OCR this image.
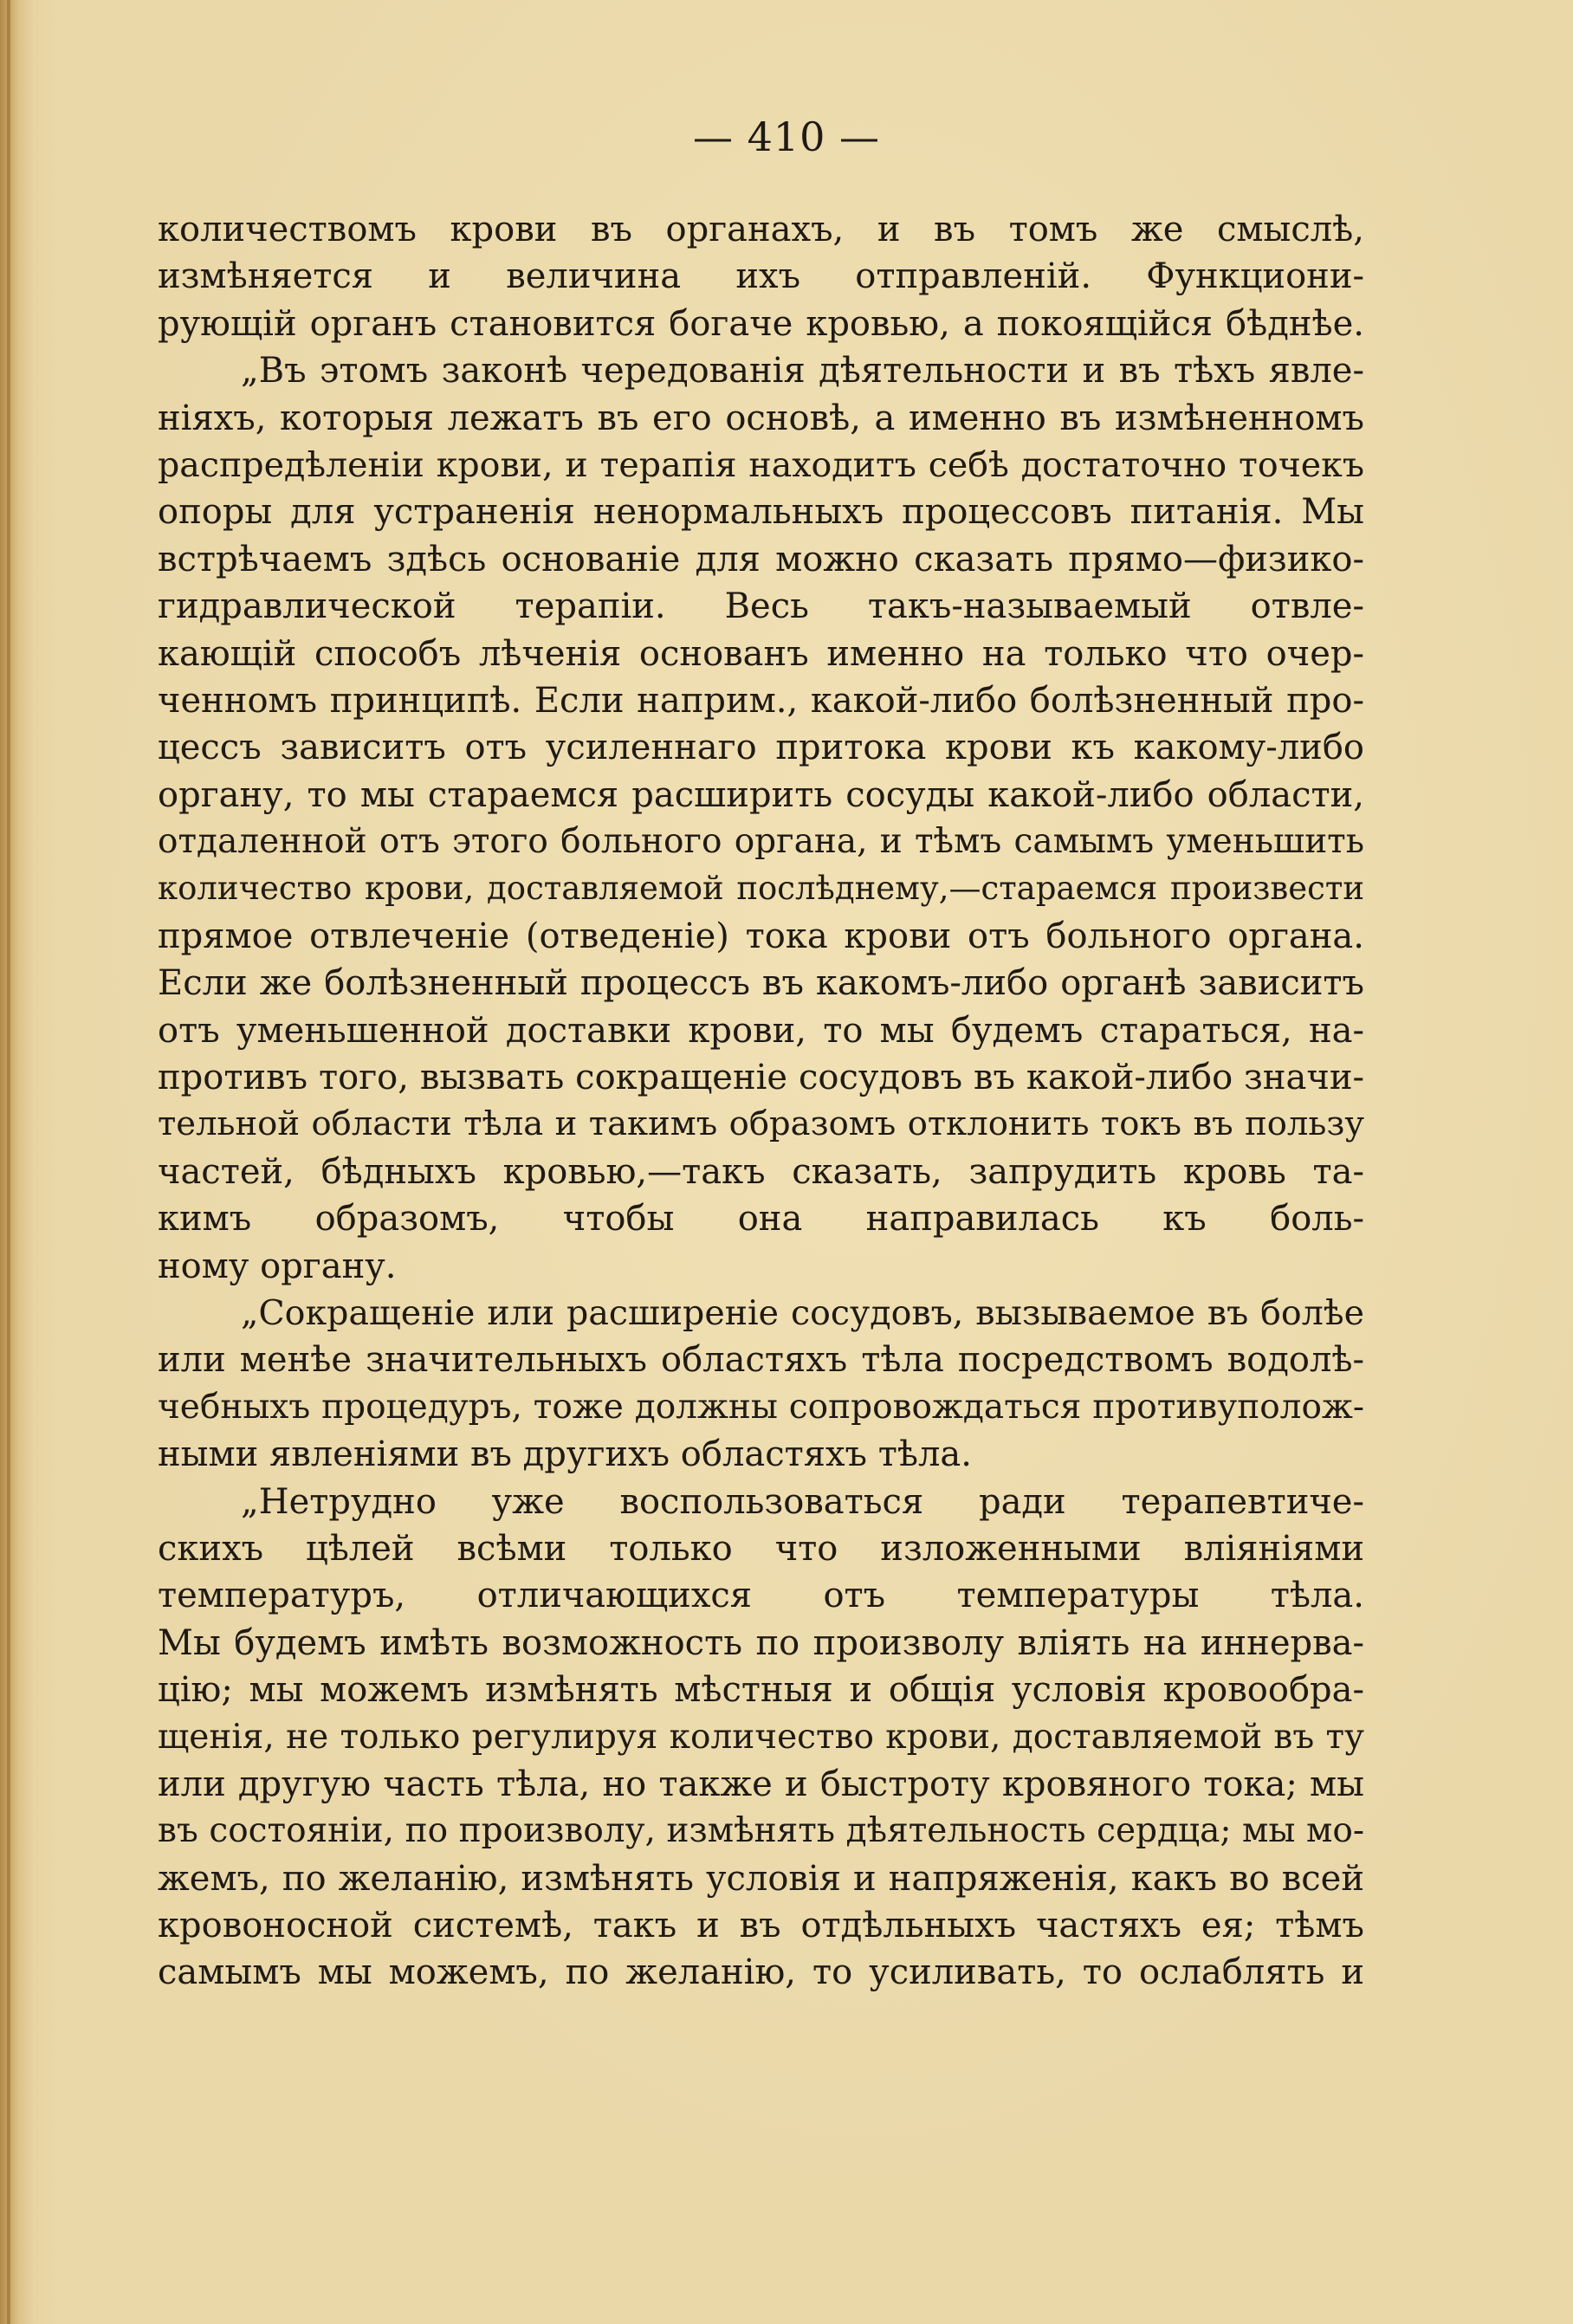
— 410 —
количествомъ крови въ органахъ, и въ томъ же смыслѣ,
измѣняется и величина ихъ отправленій. Функциони-
рующій органъ становится богаче кровью, а покоящійся бѣднѣе.
„Въ этомъ законѣ чередованія дѣятельности и въ тѣхъ явле-
ніяхъ, которыя лежатъ въ его основѣ, а именно въ измѣненномъ
распредѣленіи крови, и терапія находитъ себѣ достаточно точекъ
опоры для устраненія ненормальныхъ процессовъ питанія. Мы
встрѣчаемъ здѣсь основаніе для можно сказать прямо—физико-
гидравлической терапіи. Весь такъ-называемый отвле-
кающій способъ лѣченія основанъ именно на только что очер-
ченномъ принципѣ. Если наприм., какой-либо болѣзненный про-
цессъ зависитъ отъ усиленнаго притока крови къ какому-либо
органу, то мы стараемся расширить сосуды какой-либо области,
отдаленной отъ этого больного органа, и тѣмъ самымъ уменьшить
количество крови, доставляемой послѣднему,—стараемся произвести
прямое отвлеченіе (отведеніе) тока крови отъ больного органа.
Если же болѣзненный процессъ въ какомъ-либо органѣ зависитъ
отъ уменьшенной доставки крови, то мы будемъ стараться, на-
противъ того, вызвать сокращеніе сосудовъ въ какой-либо значи-
тельной области тѣла и такимъ образомъ отклонить токъ въ пользу
частей, бѣдныхъ кровью,—такъ сказать, запрудить кровь та-
кимъ образомъ, чтобы она направилась къ боль-
ному органу.
„Сокращеніе или расширеніе сосудовъ, вызываемое въ болѣе
или менѣе значительныхъ областяхъ тѣла посредствомъ водолѣ-
чебныхъ процедуръ, тоже должны сопровождаться противуполож-
ными явленіями въ другихъ областяхъ тѣла.
„Нетрудно уже воспользоваться ради терапевтиче-
скихъ цѣлей всѣми только что изложенными вліяніями
температуръ, отличающихся отъ температуры тѣла.
Мы будемъ имѣть возможность по произволу вліять на иннерва-
цію; мы можемъ измѣнять мѣстныя и общія условія кровообра-
щенія, не только регулируя количество крови, доставляемой въ ту
или другую часть тѣла, но также и быстроту кровяного тока; мы
въ состояніи, по произволу, измѣнять дѣятельность сердца; мы мо-
жемъ, по желанію, измѣнять условія и напряженія, какъ во всей
кровоносной системѣ, такъ и въ отдѣльныхъ частяхъ ея; тѣмъ
самымъ мы можемъ, по желанію, то усиливать, то ослаблять и
